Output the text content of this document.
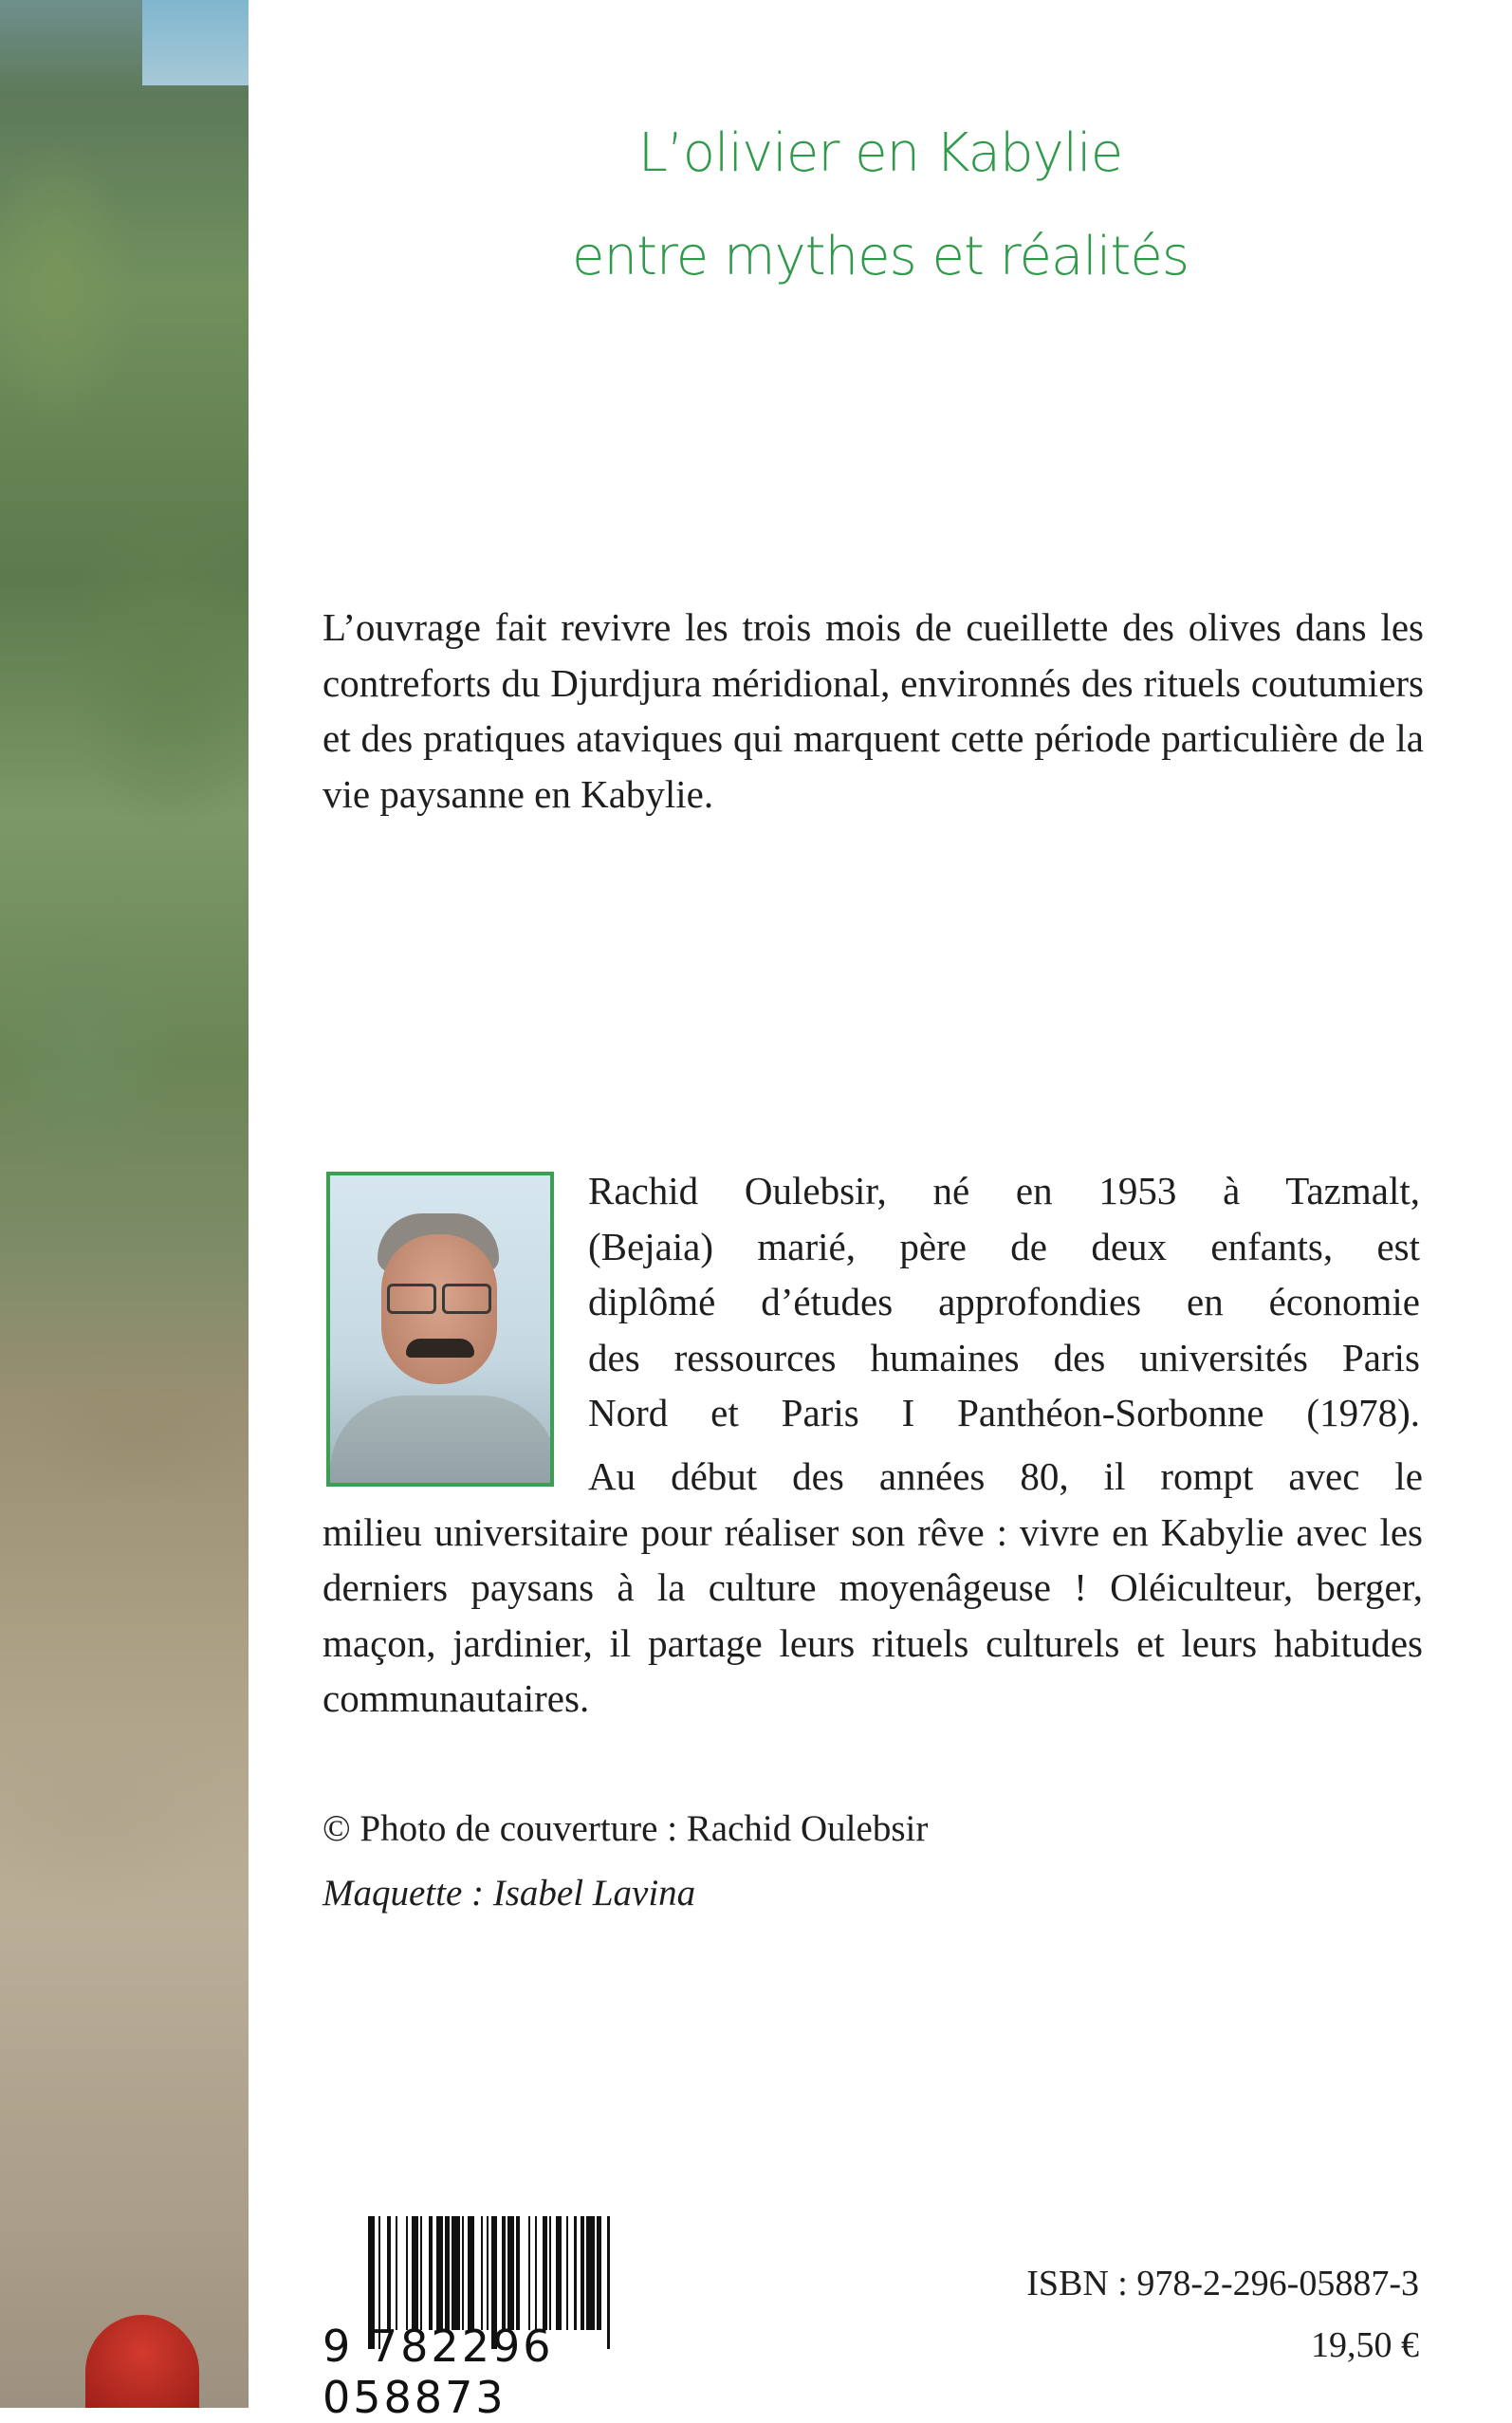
L’olivier en Kabylie
entre mythes et réalités

L’ouvrage fait revivre les trois mois de cueillette des olives dans les contreforts du Djurdjura méridional, environnés des rituels coutumiers et des pratiques ataviques qui marquent cette période particulière de la vie paysanne en Kabylie.

Rachid Oulebsir, né en 1953 à Tazmalt,
(Bejaia) marié, père de deux enfants, est
diplômé d’études approfondies en économie
des ressources humaines des universités Paris
Nord et Paris I Panthéon-Sorbonne (1978).
Au début des années 80, il rompt avec le
milieu universitaire pour réaliser son rêve : vivre en Kabylie avec les derniers paysans à la culture moyenâgeuse ! Oléiculteur, berger, maçon, jardinier, il partage leurs rituels culturels et leurs habitudes communautaires.

© Photo de couverture : Rachid Oulebsir

Maquette : Isabel Lavina

9 782296 058873

ISBN : 978-2-296-05887-3

19,50 €
